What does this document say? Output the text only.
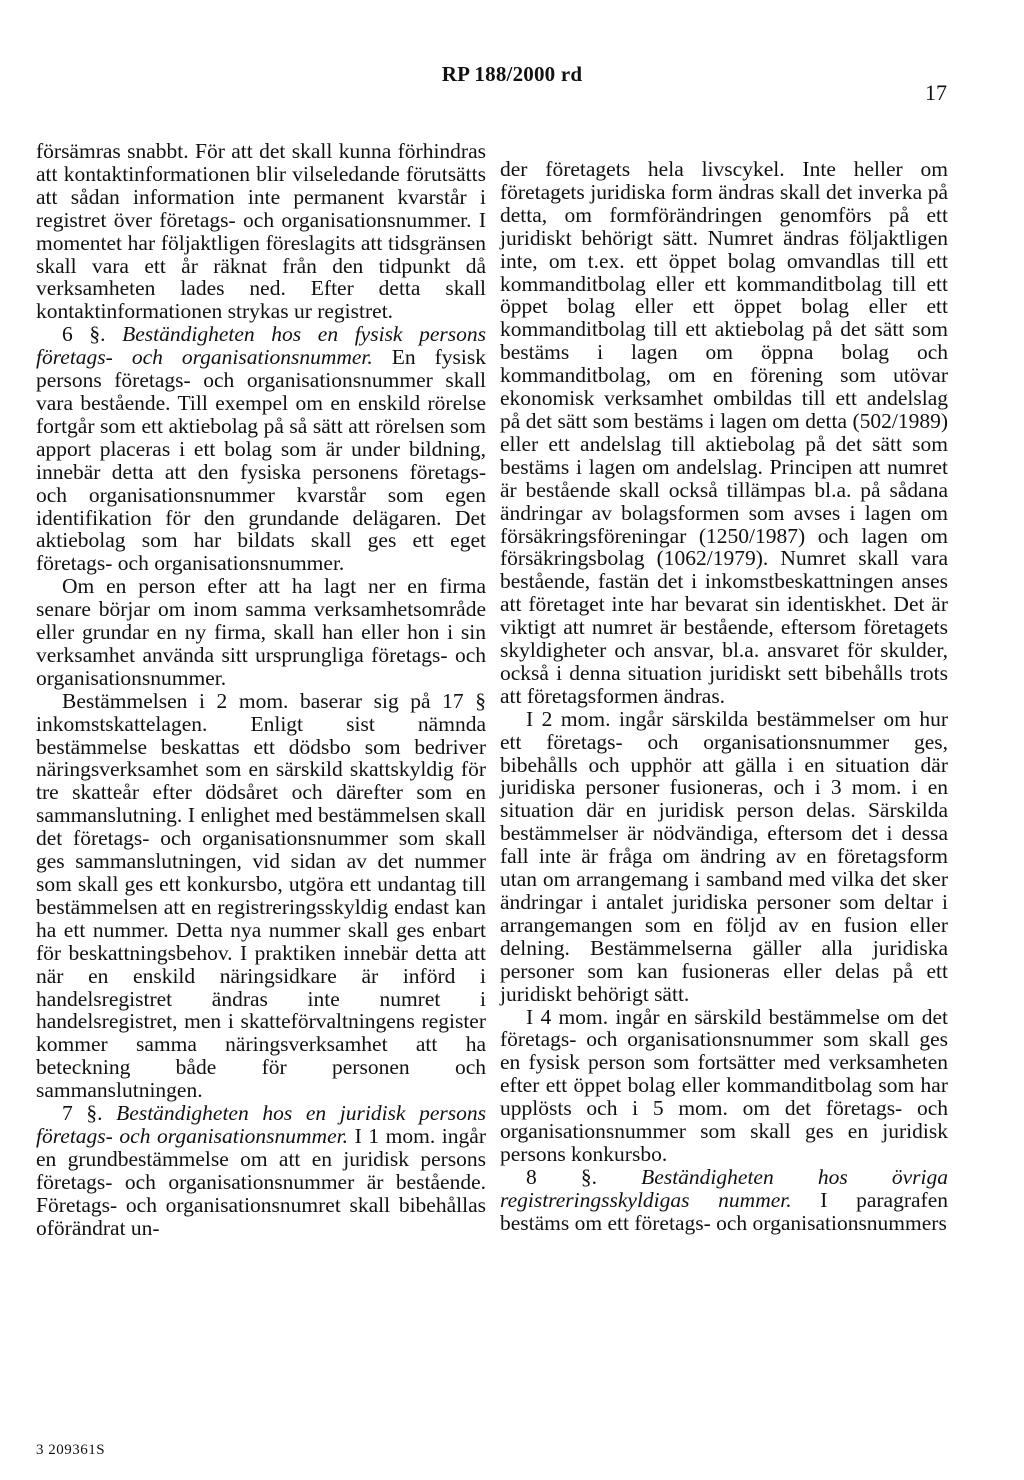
RP 188/2000 rd
17

försämras snabbt. För att det skall kunna förhindras att kontaktinformationen blir vilseledande förutsätts att sådan information inte permanent kvarstår i registret över företags- och organisationsnummer. I momentet har följaktligen föreslagits att tidsgränsen skall vara ett år räknat från den tidpunkt då verksamheten lades ned. Efter detta skall kontaktinformationen strykas ur registret.

6 §. Beständigheten hos en fysisk persons företags- och organisationsnummer. En fysisk persons företags- och organisationsnummer skall vara bestående. Till exempel om en enskild rörelse fortgår som ett aktiebolag på så sätt att rörelsen som apport placeras i ett bolag som är under bildning, innebär detta att den fysiska personens företags- och organisationsnummer kvarstår som egen identifikation för den grundande delägaren. Det aktiebolag som har bildats skall ges ett eget företags- och organisationsnummer.

Om en person efter att ha lagt ner en firma senare börjar om inom samma verksamhetsområde eller grundar en ny firma, skall han eller hon i sin verksamhet använda sitt ursprungliga företags- och organisationsnummer.

Bestämmelsen i 2 mom. baserar sig på 17 § inkomstskattelagen. Enligt sist nämnda bestämmelse beskattas ett dödsbo som bedriver näringsverksamhet som en särskild skattskyldig för tre skatteår efter dödsåret och därefter som en sammanslutning. I enlighet med bestämmelsen skall det företags- och organisationsnummer som skall ges sammanslutningen, vid sidan av det nummer som skall ges ett konkursbo, utgöra ett undantag till bestämmelsen att en registreringsskyldig endast kan ha ett nummer. Detta nya nummer skall ges enbart för beskattningsbehov. I praktiken innebär detta att när en enskild näringsidkare är införd i handelsregistret ändras inte numret i handelsregistret, men i skatteförvaltningens register kommer samma näringsverksamhet att ha beteckning både för personen och sammanslutningen.

7 §. Beständigheten hos en juridisk persons företags- och organisationsnummer. I 1 mom. ingår en grundbestämmelse om att en juridisk persons företags- och organisationsnummer är bestående. Företags- och organisationsnumret skall bibehållas oförändrat un-

der företagets hela livscykel. Inte heller om företagets juridiska form ändras skall det inverka på detta, om formförändringen genomförs på ett juridiskt behörigt sätt. Numret ändras följaktligen inte, om t.ex. ett öppet bolag omvandlas till ett kommanditbolag eller ett kommanditbolag till ett öppet bolag eller ett öppet bolag eller ett kommanditbolag till ett aktiebolag på det sätt som bestäms i lagen om öppna bolag och kommanditbolag, om en förening som utövar ekonomisk verksamhet ombildas till ett andelslag på det sätt som bestäms i lagen om detta (502/1989) eller ett andelslag till aktiebolag på det sätt som bestäms i lagen om andelslag. Principen att numret är bestående skall också tillämpas bl.a. på sådana ändringar av bolagsformen som avses i lagen om försäkringsföreningar (1250/1987) och lagen om försäkringsbolag (1062/1979). Numret skall vara bestående, fastän det i inkomstbeskattningen anses att företaget inte har bevarat sin identiskhet. Det är viktigt att numret är bestående, eftersom företagets skyldigheter och ansvar, bl.a. ansvaret för skulder, också i denna situation juridiskt sett bibehålls trots att företagsformen ändras.

I 2 mom. ingår särskilda bestämmelser om hur ett företags- och organisationsnummer ges, bibehålls och upphör att gälla i en situation där juridiska personer fusioneras, och i 3 mom. i en situation där en juridisk person delas. Särskilda bestämmelser är nödvändiga, eftersom det i dessa fall inte är fråga om ändring av en företagsform utan om arrangemang i samband med vilka det sker ändringar i antalet juridiska personer som deltar i arrangemangen som en följd av en fusion eller delning. Bestämmelserna gäller alla juridiska personer som kan fusioneras eller delas på ett juridiskt behörigt sätt.

I 4 mom. ingår en särskild bestämmelse om det företags- och organisationsnummer som skall ges en fysisk person som fortsätter med verksamheten efter ett öppet bolag eller kommanditbolag som har upplösts och i 5 mom. om det företags- och organisationsnummer som skall ges en juridisk persons konkursbo.

8 §. Beständigheten hos övriga registreringsskyldigas nummer. I paragrafen bestäms om ett företags- och organisationsnummers

3 209361S
